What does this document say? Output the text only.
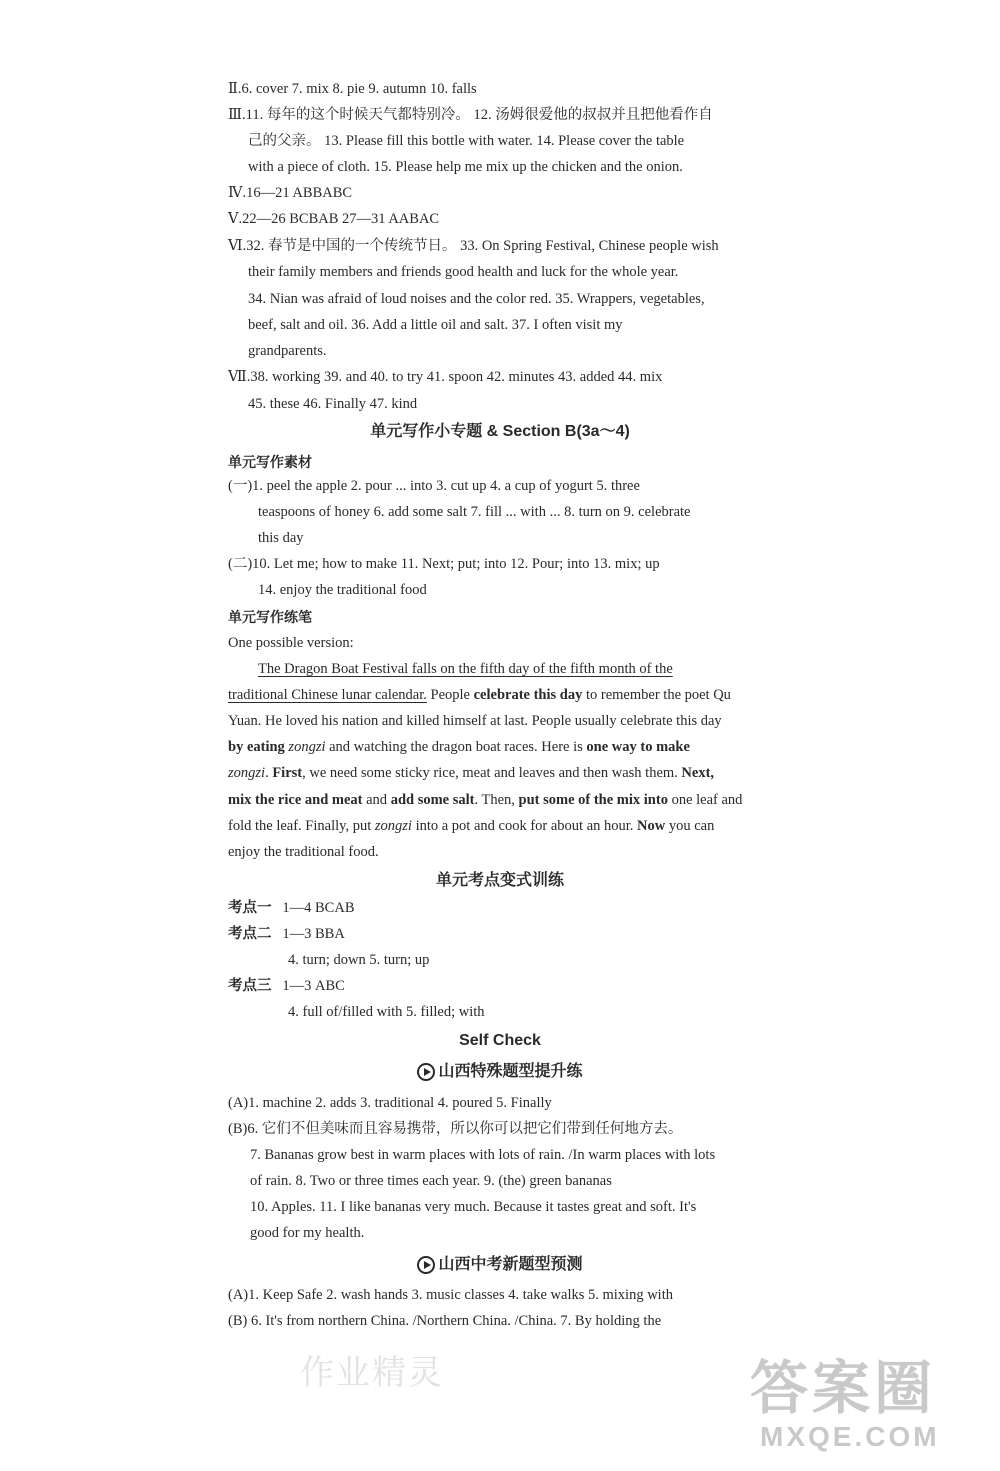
Ⅱ.6. cover 7. mix 8. pie 9. autumn 10. falls
Ⅲ.11. 每年的这个时候天气都特别冷。 12. 汤姆很爱他的叔叔并且把他看作自
己的父亲。 13. Please fill this bottle with water. 14. Please cover the table
with a piece of cloth. 15. Please help me mix up the chicken and the onion.
Ⅳ.16—21 ABBABC
Ⅴ.22—26 BCBAB 27—31 AABAC
Ⅵ.32. 春节是中国的一个传统节日。 33. On Spring Festival, Chinese people wish
their family members and friends good health and luck for the whole year.
34. Nian was afraid of loud noises and the color red. 35. Wrappers, vegetables,
beef, salt and oil. 36. Add a little oil and salt. 37. I often visit my
grandparents.
Ⅶ.38. working 39. and 40. to try 41. spoon 42. minutes 43. added 44. mix
45. these 46. Finally 47. kind
单元写作小专题 & Section B(3a～4)
单元写作素材
(一)1. peel the apple 2. pour ... into 3. cut up 4. a cup of yogurt 5. three
teaspoons of honey 6. add some salt 7. fill ... with ... 8. turn on 9. celebrate
this day
(二)10. Let me; how to make 11. Next; put; into 12. Pour; into 13. mix; up
14. enjoy the traditional food
单元写作练笔
One possible version:
The Dragon Boat Festival falls on the fifth day of the fifth month of the
traditional Chinese lunar calendar. People celebrate this day to remember the poet Qu
Yuan. He loved his nation and killed himself at last. People usually celebrate this day
by eating zongzi and watching the dragon boat races. Here is one way to make
zongzi. First, we need some sticky rice, meat and leaves and then wash them. Next,
mix the rice and meat and add some salt. Then, put some of the mix into one leaf and
fold the leaf. Finally, put zongzi into a pot and cook for about an hour. Now you can
enjoy the traditional food.
单元考点变式训练
考点一 1—4 BCAB
考点二 1—3 BBA
4. turn; down 5. turn; up
考点三 1—3 ABC
4. full of/filled with 5. filled; with
Self Check
山西特殊题型提升练
(A)1. machine 2. adds 3. traditional 4. poured 5. Finally
(B)6. 它们不但美味而且容易携带，所以你可以把它们带到任何地方去。
7. Bananas grow best in warm places with lots of rain. /In warm places with lots
of rain. 8. Two or three times each year. 9. (the) green bananas
10. Apples. 11. I like bananas very much. Because it tastes great and soft. It's
good for my health.
山西中考新题型预测
(A)1. Keep Safe 2. wash hands 3. music classes 4. take walks 5. mixing with
(B) 6. It's from northern China. /Northern China. /China. 7. By holding the
作业精灵	答案圈
MXQE.COM
